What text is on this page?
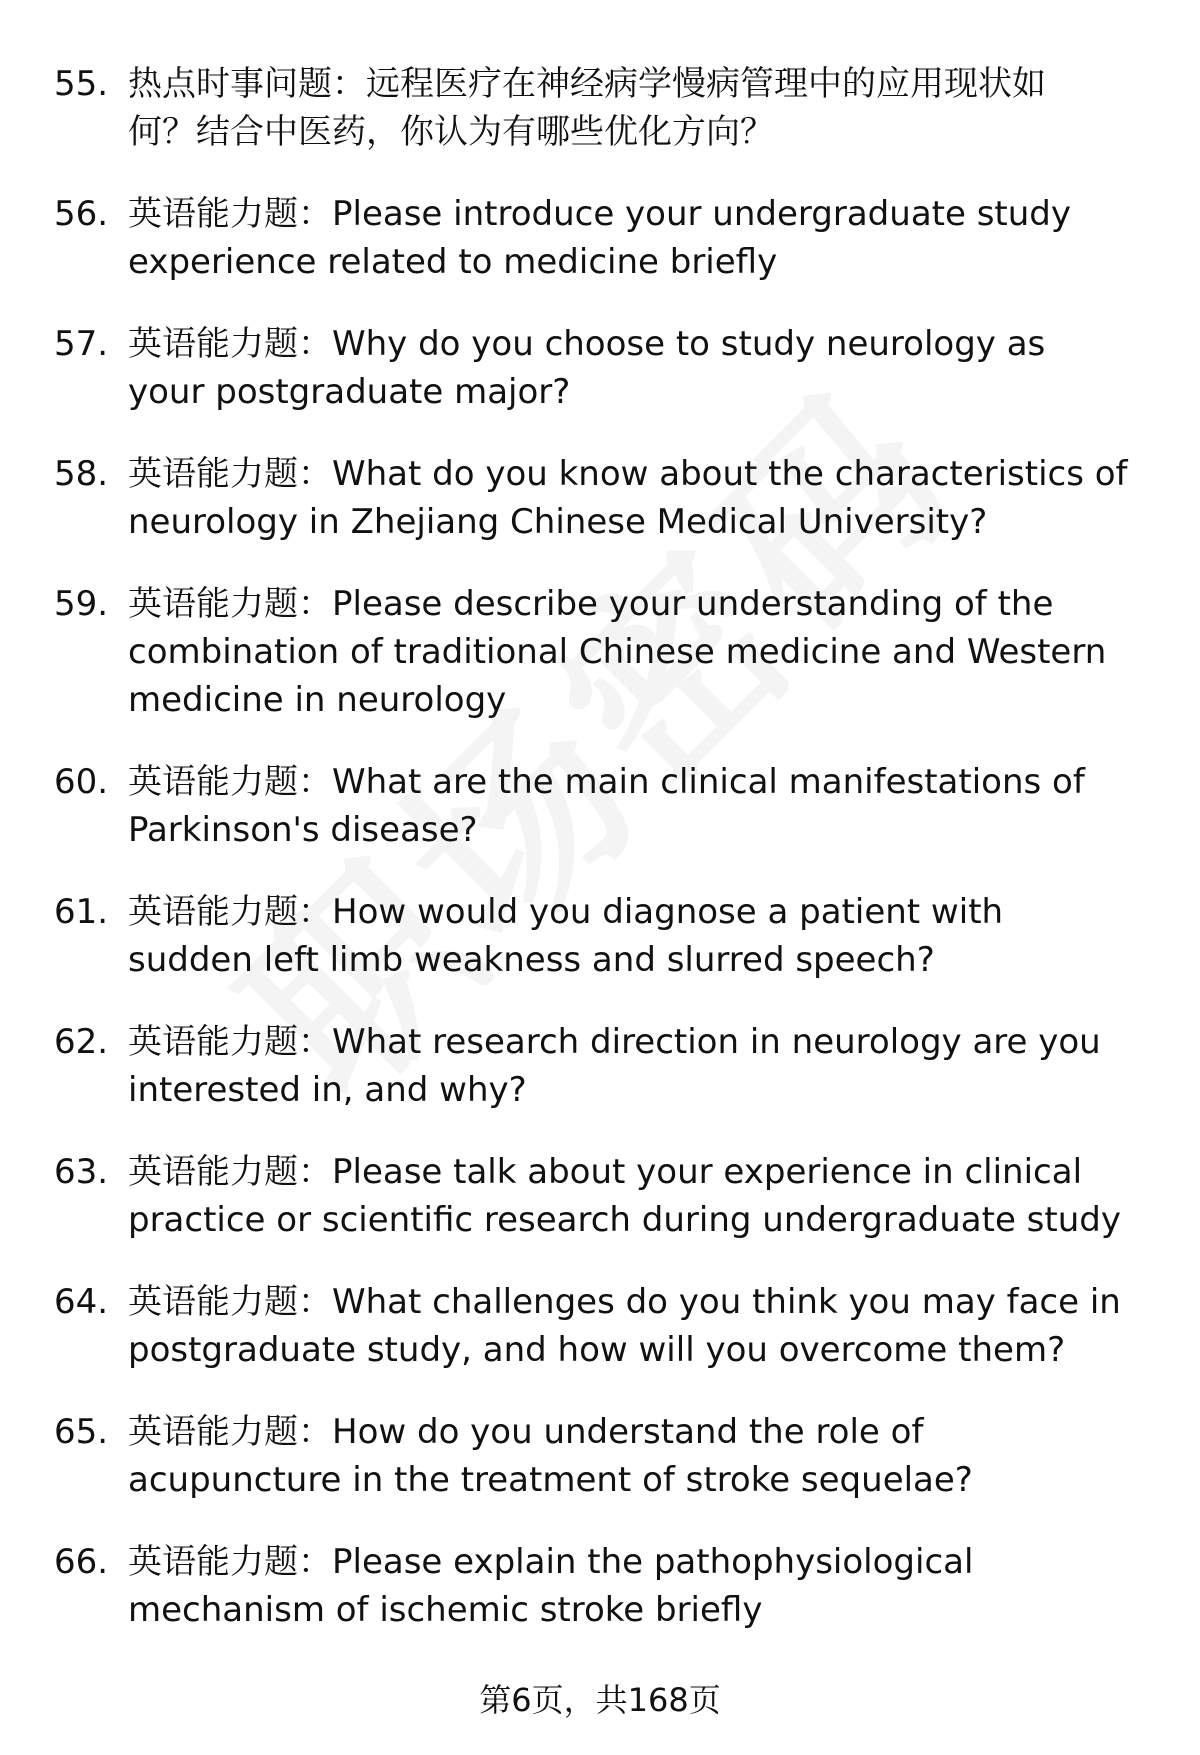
55. 热点时事问题：远程医疗在神经病学慢病管理中的应用现状如
何？结合中医药，你认为有哪些优化方向？
56. 英语能力题：Please introduce your undergraduate study
experience related to medicine briefly
57. 英语能力题：Why do you choose to study neurology as
your postgraduate major?
58. 英语能力题：What do you know about the characteristics of
neurology in Zhejiang Chinese Medical University?
59. 英语能力题：Please describe your understanding of the
combination of traditional Chinese medicine and Western
medicine in neurology
60. 英语能力题：What are the main clinical manifestations of
Parkinson's disease?
61. 英语能力题：How would you diagnose a patient with
sudden left limb weakness and slurred speech?
62. 英语能力题：What research direction in neurology are you
interested in, and why?
63. 英语能力题：Please talk about your experience in clinical
practice or scientific research during undergraduate study
64. 英语能力题：What challenges do you think you may face in
postgraduate study, and how will you overcome them?
65. 英语能力题：How do you understand the role of
acupuncture in the treatment of stroke sequelae?
66. 英语能力题：Please explain the pathophysiological
mechanism of ischemic stroke briefly
第6页，共168页
